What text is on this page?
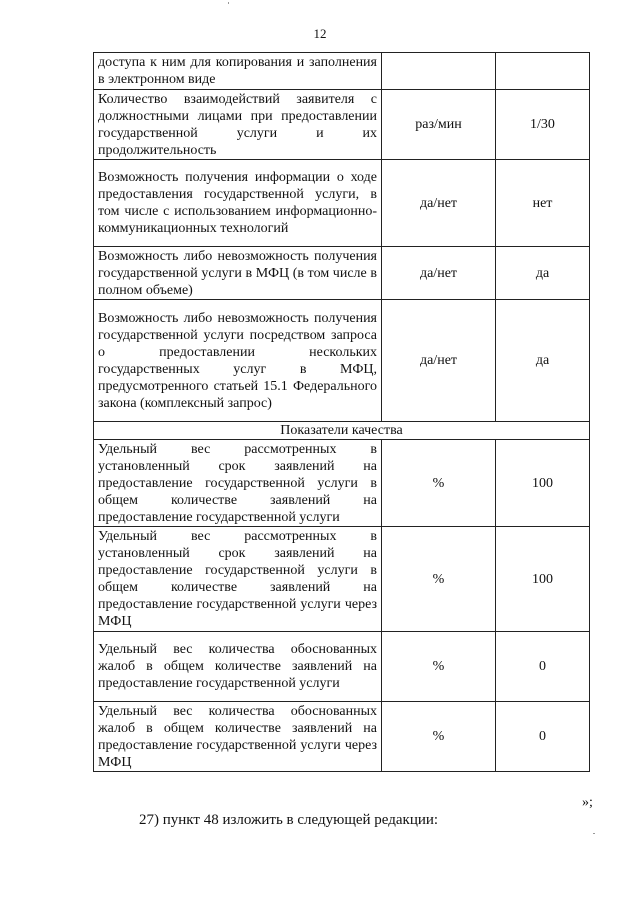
12
доступа к ним для копирования и заполнения в электронном виде		
Количество взаимодействий заявителя с должностными лицами при предоставлении государственной услуги и их продолжительность	раз/мин	1/30
Возможность получения информации о ходе предоставления государственной услуги, в том числе с использованием информационно-коммуникационных технологий	да/нет	нет
Возможность либо невозможность получения государственной услуги в МФЦ (в том числе в полном объеме)	да/нет	да
Возможность либо невозможность получения государственной услуги посредством запроса о предоставлении нескольких государственных услуг в МФЦ, предусмотренного статьей 15.1 Федерального закона (комплексный запрос)	да/нет	да
Показатели качества		
Удельный вес рассмотренных в установленный срок заявлений на предоставление государственной услуги в общем количестве заявлений на предоставление государственной услуги	%	100
Удельный вес рассмотренных в установленный срок заявлений на предоставление государственной услуги в общем количестве заявлений на предоставление государственной услуги через МФЦ	%	100
Удельный вес количества обоснованных жалоб в общем количестве заявлений на предоставление государственной услуги	%	0
Удельный вес количества обоснованных жалоб в общем количестве заявлений на предоставление государственной услуги через МФЦ	%	0
»;
27) пункт 48 изложить в следующей редакции:
